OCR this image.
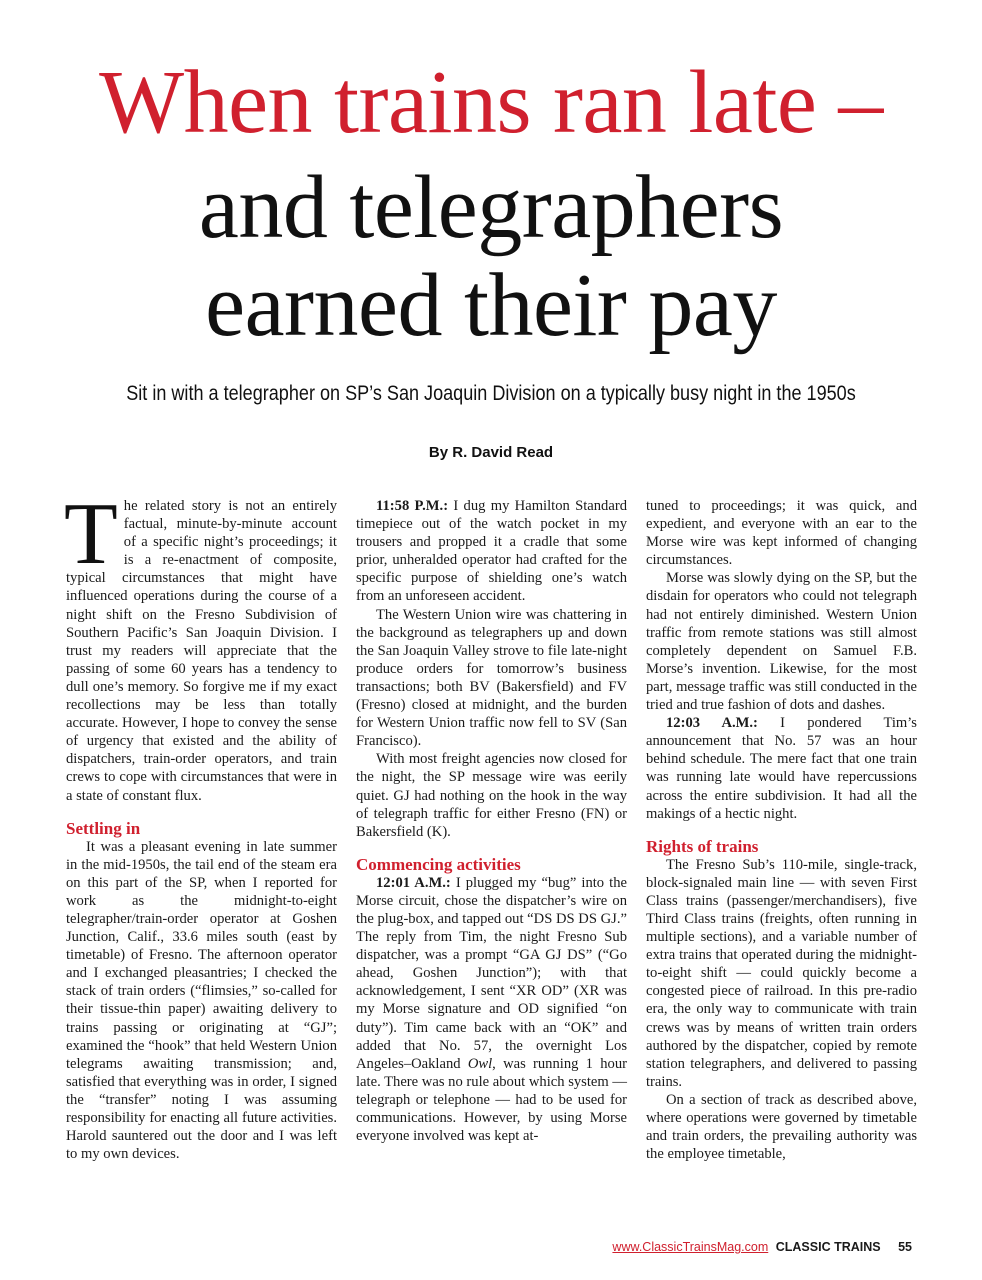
When trains ran late –
and telegraphers
earned their pay
Sit in with a telegrapher on SP’s San Joaquin Division on a typically busy night in the 1950s
By R. David Read

The related story is not an entirely factual, minute-by-minute account of a specific night’s proceedings; it is a re-enactment of composite, typical circumstances that might have influenced operations during the course of a night shift on the Fresno Subdivision of Southern Pacific’s San Joaquin Division. I trust my readers will appreciate that the passing of some 60 years has a tendency to dull one’s memory. So forgive me if my exact recollections may be less than totally accurate. However, I hope to convey the sense of urgency that existed and the ability of dispatchers, train-order operators, and train crews to cope with circumstances that were in a state of constant flux.

Settling in

It was a pleasant evening in late summer in the mid-1950s, the tail end of the steam era on this part of the SP, when I reported for work as the midnight-to-eight telegrapher/train-order operator at Goshen Junction, Calif., 33.6 miles south (east by timetable) of Fresno. The afternoon operator and I exchanged pleasantries; I checked the stack of train orders (“flimsies,” so-called for their tissue-thin paper) awaiting delivery to trains passing or originating at “GJ”; examined the “hook” that held Western Union telegrams awaiting transmission; and, satisfied that everything was in order, I signed the “transfer” noting I was assuming responsibility for enacting all future activities. Harold sauntered out the door and I was left to my own devices.

11:58 P.M.: I dug my Hamilton Standard timepiece out of the watch pocket in my trousers and propped it a cradle that some prior, unheralded operator had crafted for the specific purpose of shielding one’s watch from an unforeseen accident.

The Western Union wire was chattering in the background as telegraphers up and down the San Joaquin Valley strove to file late-night produce orders for tomorrow’s business transactions; both BV (Bakersfield) and FV (Fresno) closed at midnight, and the burden for Western Union traffic now fell to SV (San Francisco).

With most freight agencies now closed for the night, the SP message wire was eerily quiet. GJ had nothing on the hook in the way of telegraph traffic for either Fresno (FN) or Bakersfield (K).

Commencing activities

12:01 A.M.: I plugged my “bug” into the Morse circuit, chose the dispatcher’s wire on the plug-box, and tapped out “DS DS DS GJ.” The reply from Tim, the night Fresno Sub dispatcher, was a prompt “GA GJ DS” (“Go ahead, Goshen Junction”); with that acknowledgement, I sent “XR OD” (XR was my Morse signature and OD signified “on duty”). Tim came back with an “OK” and added that No. 57, the overnight Los Angeles–Oakland Owl, was running 1 hour late. There was no rule about which system — telegraph or telephone — had to be used for communications. However, by using Morse everyone involved was kept at-

tuned to proceedings; it was quick, and expedient, and everyone with an ear to the Morse wire was kept informed of changing circumstances.

Morse was slowly dying on the SP, but the disdain for operators who could not telegraph had not entirely diminished. Western Union traffic from remote stations was still almost completely dependent on Samuel F.B. Morse’s invention. Likewise, for the most part, message traffic was still conducted in the tried and true fashion of dots and dashes.

12:03 A.M.: I pondered Tim’s announcement that No. 57 was an hour behind schedule. The mere fact that one train was running late would have repercussions across the entire subdivision. It had all the makings of a hectic night.

Rights of trains

The Fresno Sub’s 110-mile, single-track, block-signaled main line — with seven First Class trains (passenger/merchandisers), five Third Class trains (freights, often running in multiple sections), and a variable number of extra trains that operated during the midnight-to-eight shift — could quickly become a congested piece of railroad. In this pre-radio era, the only way to communicate with train crews was by means of written train orders authored by the dispatcher, copied by remote station telegraphers, and delivered to passing trains.

On a section of track as described above, where operations were governed by timetable and train orders, the prevailing authority was the employee timetable,

www.ClassicTrainsMag.com CLASSIC TRAINS 55
